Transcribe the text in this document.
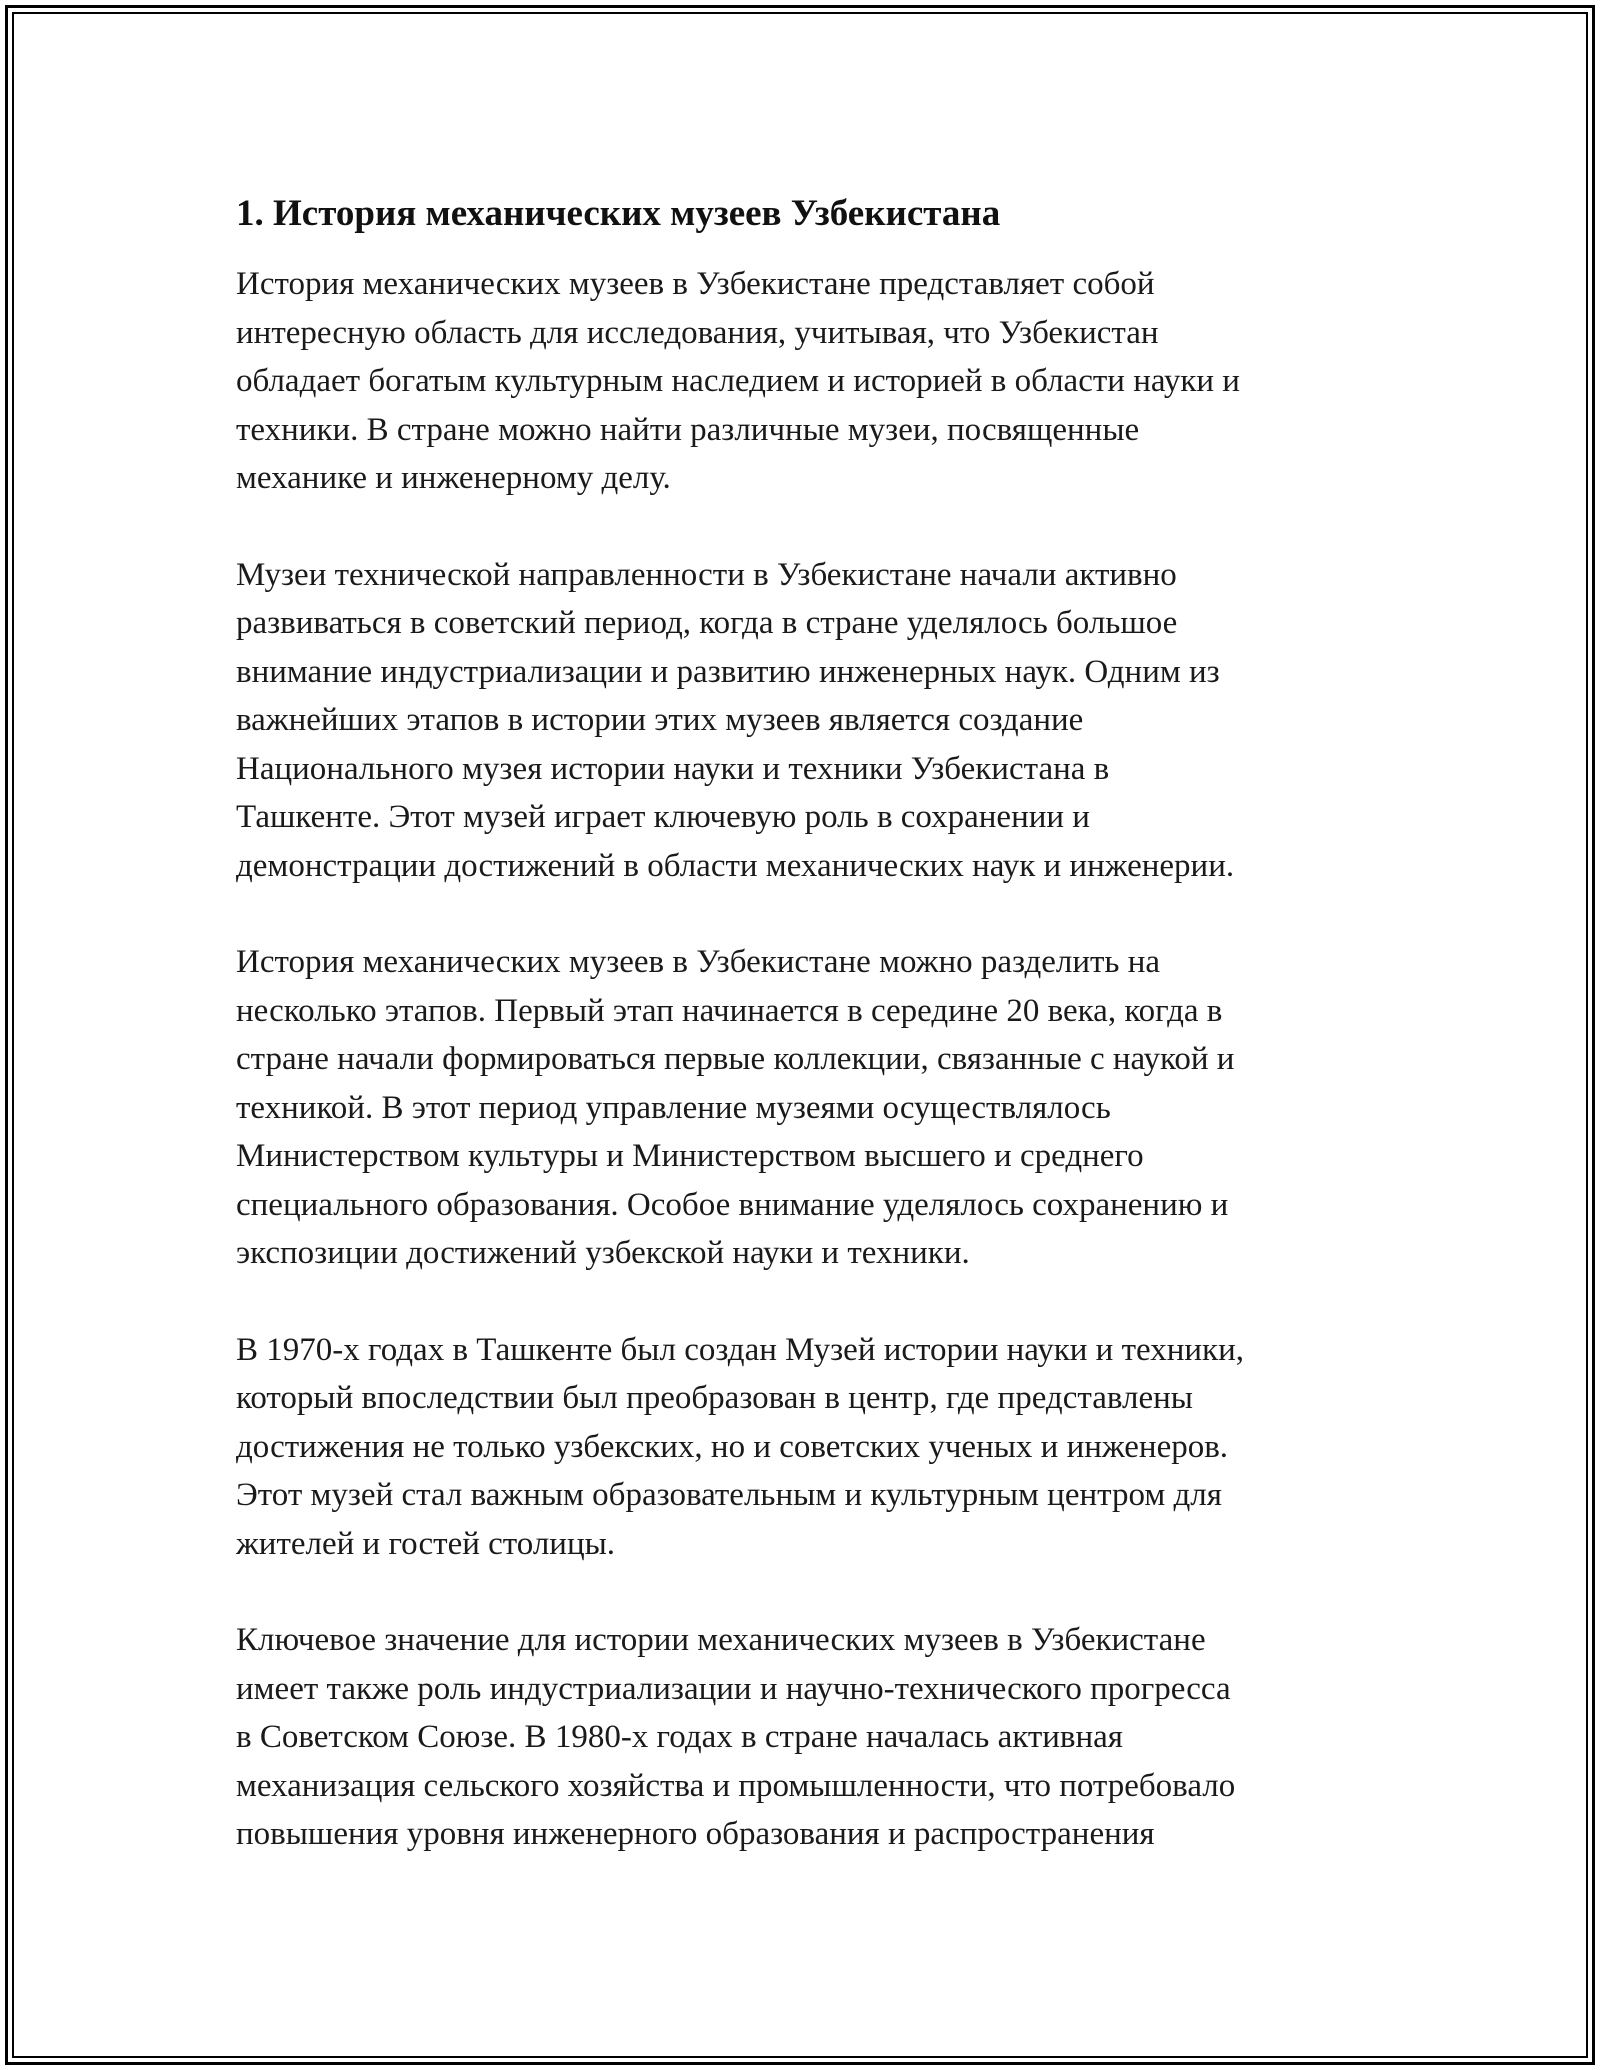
1. История механических музеев Узбекистана

История механических музеев в Узбекистане представляет собой
интересную область для исследования, учитывая, что Узбекистан
обладает богатым культурным наследием и историей в области науки и
техники. В стране можно найти различные музеи, посвященные
механике и инженерному делу.

Музеи технической направленности в Узбекистане начали активно
развиваться в советский период, когда в стране уделялось большое
внимание индустриализации и развитию инженерных наук. Одним из
важнейших этапов в истории этих музеев является создание
Национального музея истории науки и техники Узбекистана в
Ташкенте. Этот музей играет ключевую роль в сохранении и
демонстрации достижений в области механических наук и инженерии.

История механических музеев в Узбекистане можно разделить на
несколько этапов. Первый этап начинается в середине 20 века, когда в
стране начали формироваться первые коллекции, связанные с наукой и
техникой. В этот период управление музеями осуществлялось
Министерством культуры и Министерством высшего и среднего
специального образования. Особое внимание уделялось сохранению и
экспозиции достижений узбекской науки и техники.

В 1970-х годах в Ташкенте был создан Музей истории науки и техники,
который впоследствии был преобразован в центр, где представлены
достижения не только узбекских, но и советских ученых и инженеров.
Этот музей стал важным образовательным и культурным центром для
жителей и гостей столицы.

Ключевое значение для истории механических музеев в Узбекистане
имеет также роль индустриализации и научно-технического прогресса
в Советском Союзе. В 1980-х годах в стране началась активная
механизация сельского хозяйства и промышленности, что потребовало
повышения уровня инженерного образования и распространения
